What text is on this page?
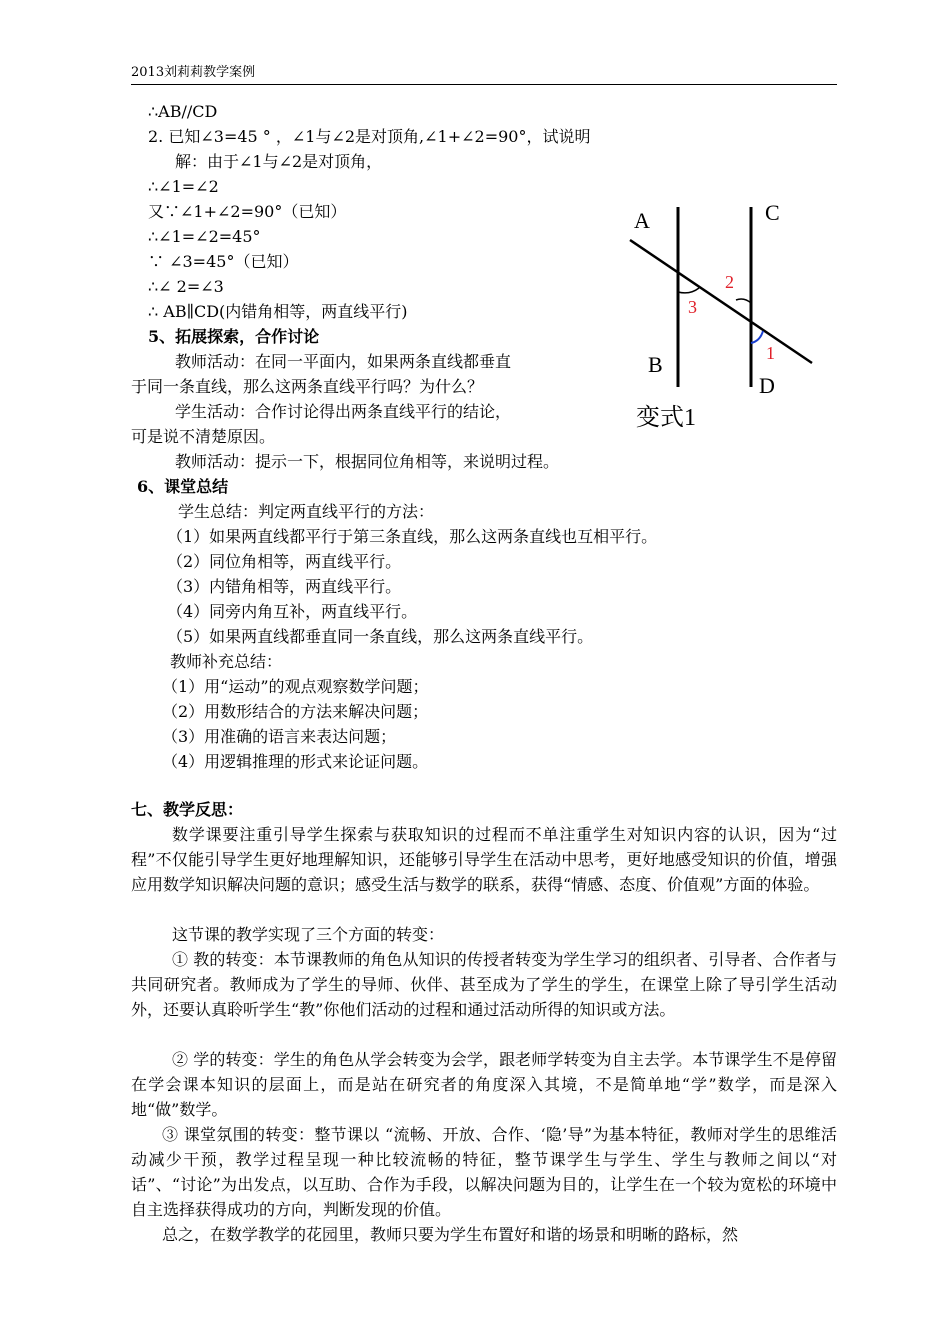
2013刘莉莉教学案例
∴AB//CD
2. 已知∠3=45 ° ，∠1与∠2是对顶角,∠1+∠2=90°，试说明
解：由于∠1与∠2是对顶角，
∴∠1=∠2
又∵∠1+∠2=90°（已知）
∴∠1=∠2=45°
∵ ∠3=45°（已知）
∴∠ 2=∠3
∴ AB∥CD(内错角相等，两直线平行)
5、拓展探索，合作讨论
教师活动：在同一平面内，如果两条直线都垂直
于同一条直线，那么这两条直线平行吗？为什么？
学生活动：合作讨论得出两条直线平行的结论，
可是说不清楚原因。
教师活动：提示一下，根据同位角相等，来说明过程。
A
B
C
D
1
2
3
变式1
6、课堂总结
学生总结：判定两直线平行的方法：
（1）如果两直线都平行于第三条直线，那么这两条直线也互相平行。
（2）同位角相等，两直线平行。
（3）内错角相等，两直线平行。
（4）同旁内角互补，两直线平行。
（5）如果两直线都垂直同一条直线，那么这两条直线平行。
教师补充总结：
（1）用“运动”的观点观察数学问题；
（2）用数形结合的方法来解决问题；
（3）用准确的语言来表达问题；
（4）用逻辑推理的形式来论证问题。
七、教学反思：
数学课要注重引导学生探索与获取知识的过程而不单注重学生对知识内容的认识，因为“过程”不仅能引导学生更好地理解知识，还能够引导学生在活动中思考，更好地感受知识的价值，增强应用数学知识解决问题的意识；感受生活与数学的联系，获得“情感、态度、价值观”方面的体验。
这节课的教学实现了三个方面的转变：
① 教的转变：本节课教师的角色从知识的传授者转变为学生学习的组织者、引导者、合作者与共同研究者。教师成为了学生的导师、伙伴、甚至成为了学生的学生，在课堂上除了导引学生活动外，还要认真聆听学生“教”你他们活动的过程和通过活动所得的知识或方法。
② 学的转变：学生的角色从学会转变为会学，跟老师学转变为自主去学。本节课学生不是停留在学会课本知识的层面上，而是站在研究者的角度深入其境，不是简单地“学”数学，而是深入地“做”数学。
③ 课堂氛围的转变：整节课以 “流畅、开放、合作、‘隐’导”为基本特征，教师对学生的思维活动减少干预，教学过程呈现一种比较流畅的特征，整节课学生与学生、学生与教师之间以“对话”、“讨论”为出发点，以互助、合作为手段，以解决问题为目的，让学生在一个较为宽松的环境中自主选择获得成功的方向，判断发现的价值。
总之，在数学教学的花园里，教师只要为学生布置好和谐的场景和明晰的路标，然
